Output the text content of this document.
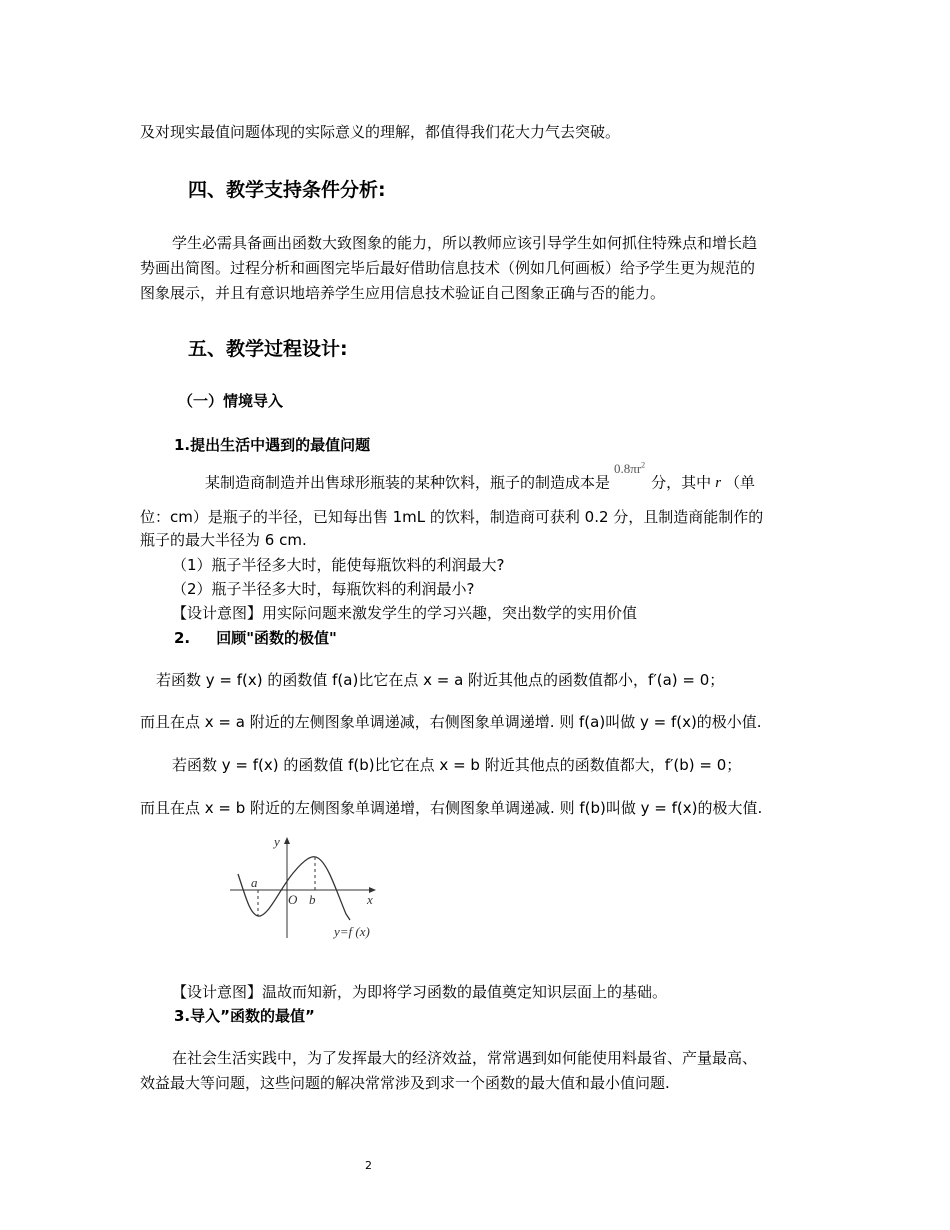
及对现实最值问题体现的实际意义的理解，都值得我们花大力气去突破。
四、教学支持条件分析:
学生必需具备画出函数大致图象的能力，所以教师应该引导学生如何抓住特殊点和增长趋
势画出简图。过程分析和画图完毕后最好借助信息技术（例如几何画板）给予学生更为规范的
图象展示，并且有意识地培养学生应用信息技术验证自己图象正确与否的能力。
五、教学过程设计:
（一）情境导入
1.提出生活中遇到的最值问题
某制造商制造并出售球形瓶装的某种饮料，瓶子的制造成本是$0.8\pi r^2$分，其中 r （单
位：cm）是瓶子的半径，已知每出售 1mL 的饮料，制造商可获利 0.2 分，且制造商能制作的
瓶子的最大半径为 6 cm.
（1）瓶子半径多大时，能使每瓶饮料的利润最大?
（2）瓶子半径多大时，每瓶饮料的利润最小?
【设计意图】用实际问题来激发学生的学习兴趣，突出数学的实用价值
2.     回顾"函数的极值"
若函数 y = f(x) 的函数值 f(a)比它在点 x = a 附近其他点的函数值都小，f′(a) = 0；
而且在点 x = a 附近的左侧图象单调递减，右侧图象单调递增. 则 f(a)叫做 y = f(x)的极小值.
若函数 y = f(x) 的函数值 f(b)比它在点 x = b 附近其他点的函数值都大，f′(b) = 0；
而且在点 x = b 附近的左侧图象单调递增，右侧图象单调递减. 则 f(b)叫做 y = f(x)的极大值.
y
x
O
a
b
y=f (x)
【设计意图】温故而知新，为即将学习函数的最值奠定知识层面上的基础。
3.导入”函数的最值”
在社会生活实践中，为了发挥最大的经济效益，常常遇到如何能使用料最省、产量最高、
效益最大等问题，这些问题的解决常常涉及到求一个函数的最大值和最小值问题.
2
